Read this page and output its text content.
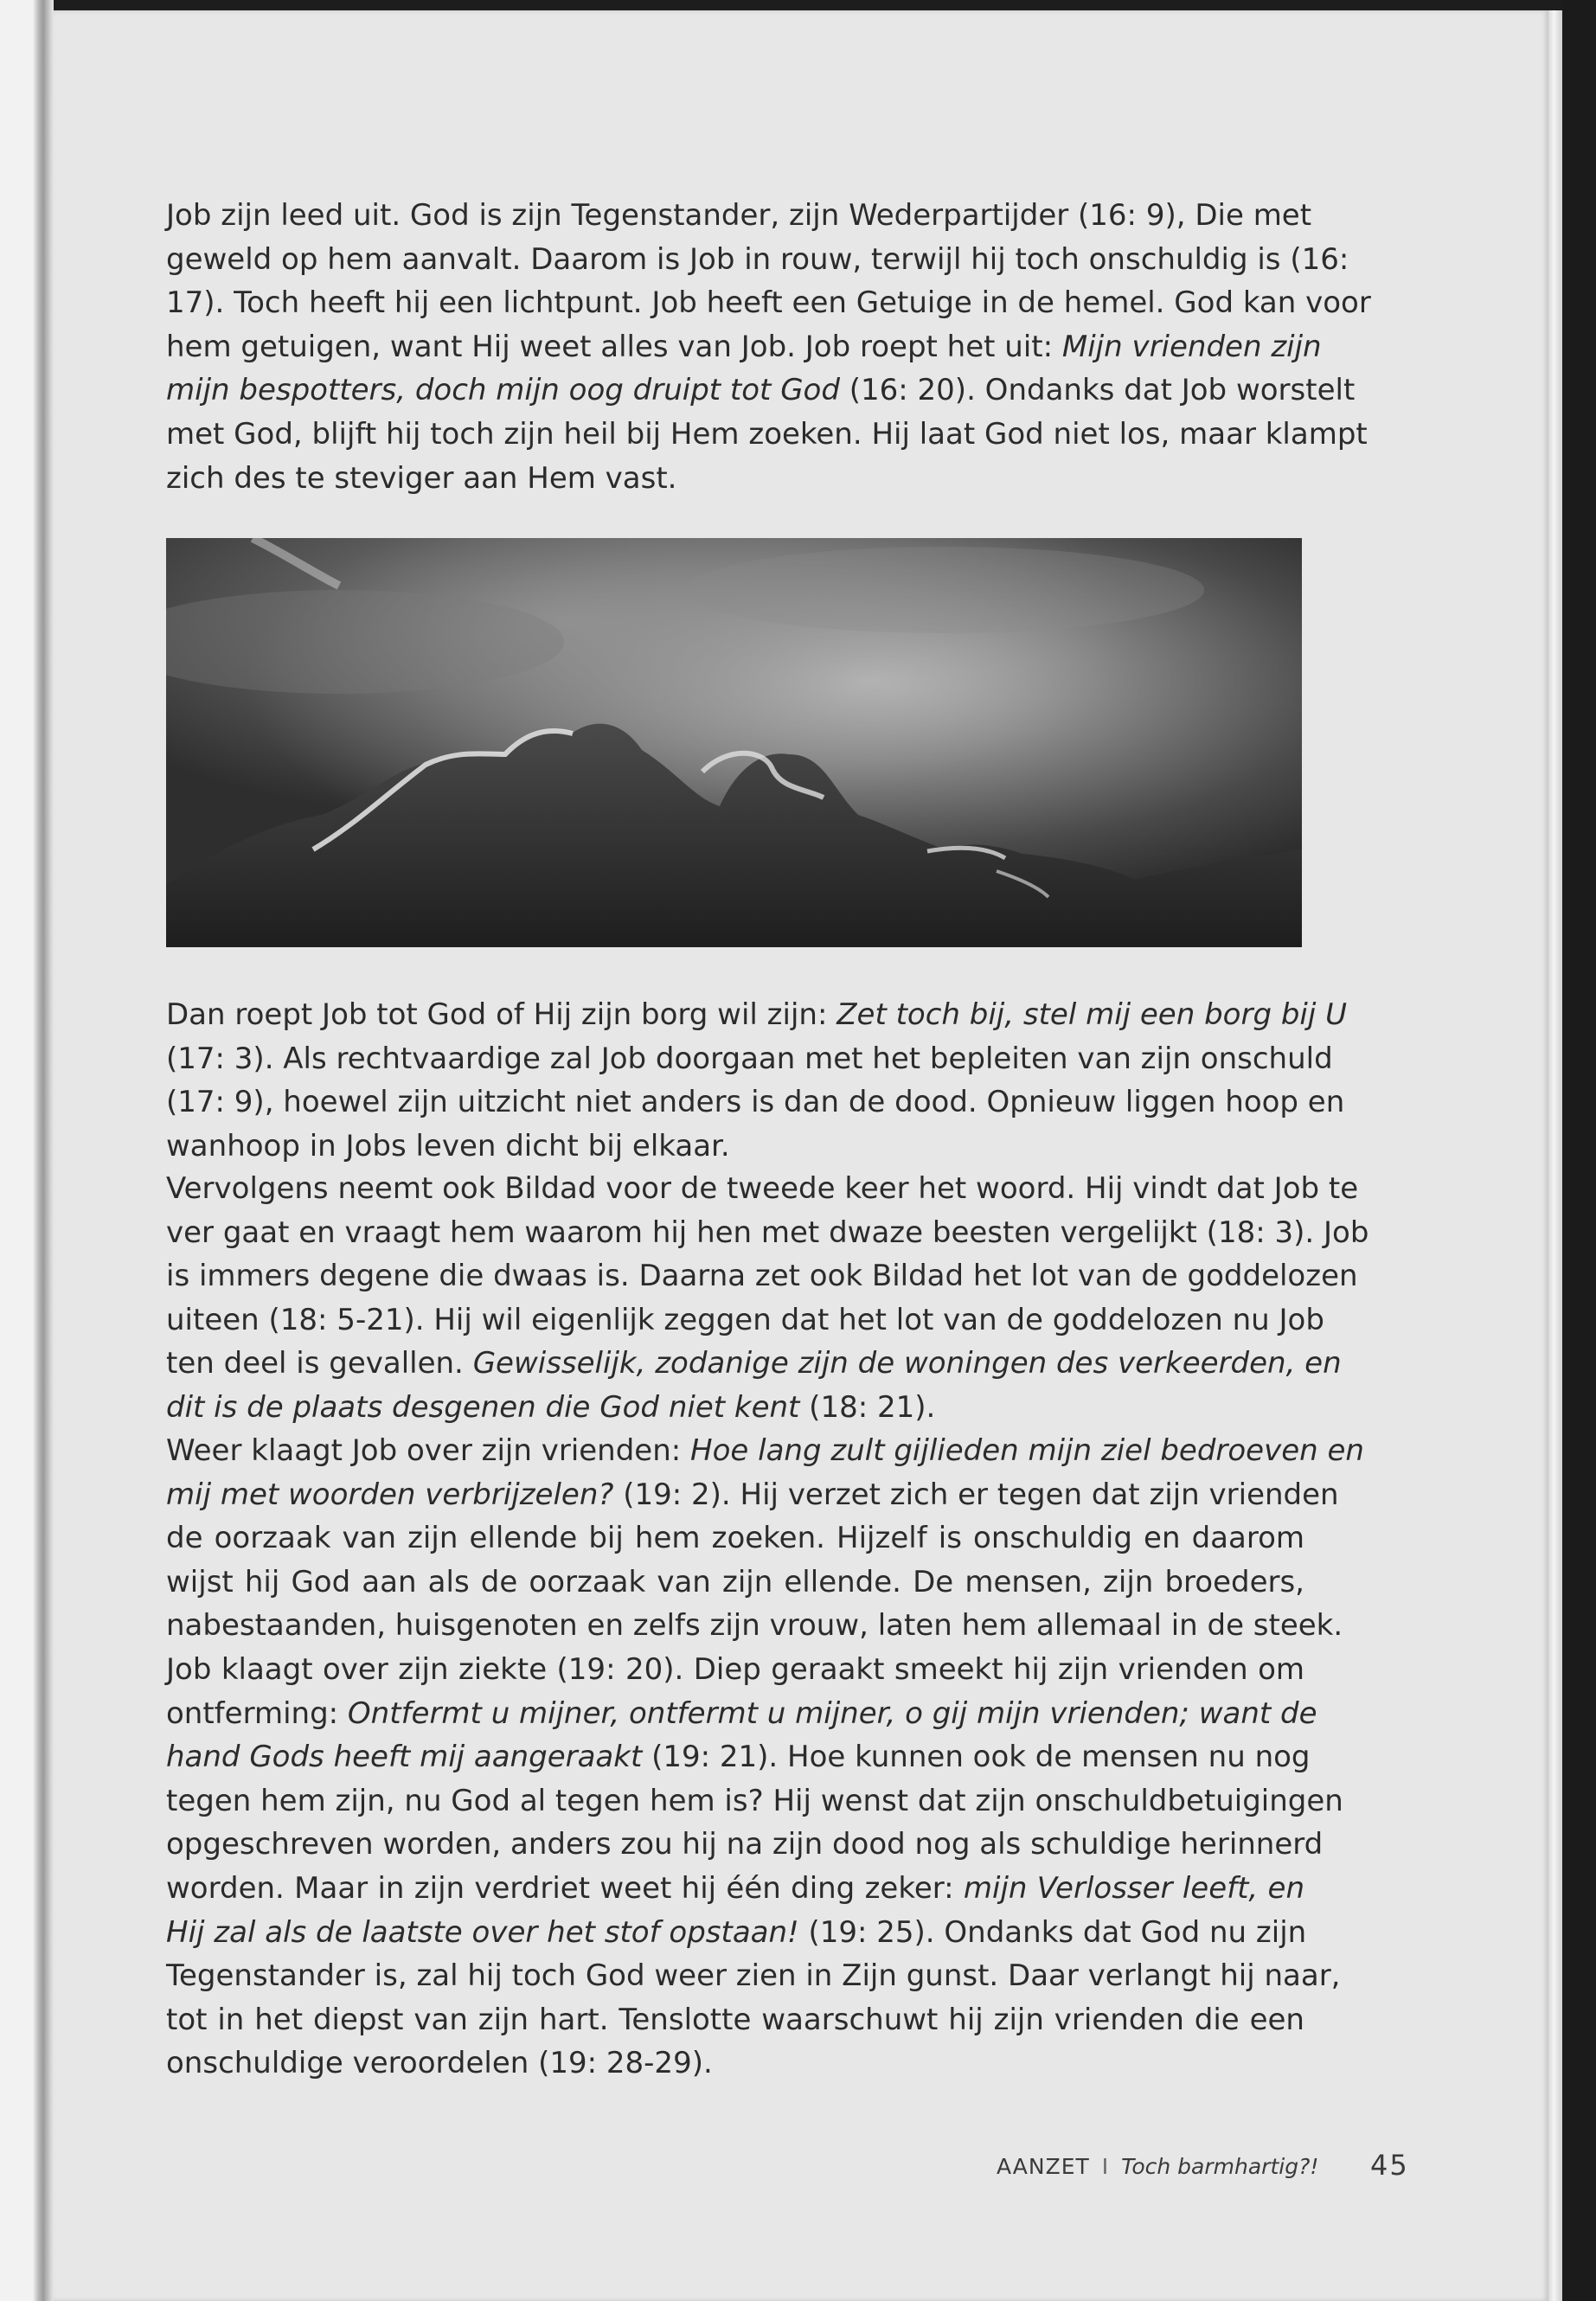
Job zijn leed uit. God is zijn Tegenstander, zijn Wederpartijder (16: 9), Die met
geweld op hem aanvalt. Daarom is Job in rouw, terwijl hij toch onschuldig is (16:
17). Toch heeft hij een lichtpunt. Job heeft een Getuige in de hemel. God kan voor
hem getuigen, want Hij weet alles van Job. Job roept het uit: Mijn vrienden zijn
mijn bespotters, doch mijn oog druipt tot God (16: 20). Ondanks dat Job worstelt
met God, blijft hij toch zijn heil bij Hem zoeken. Hij laat God niet los, maar klampt
zich des te steviger aan Hem vast.

Dan roept Job tot God of Hij zijn borg wil zijn: Zet toch bij, stel mij een borg bij U
(17: 3). Als rechtvaardige zal Job doorgaan met het bepleiten van zijn onschuld
(17: 9), hoewel zijn uitzicht niet anders is dan de dood. Opnieuw liggen hoop en
wanhoop in Jobs leven dicht bij elkaar.

Vervolgens neemt ook Bildad voor de tweede keer het woord. Hij vindt dat Job te
ver gaat en vraagt hem waarom hij hen met dwaze beesten vergelijkt (18: 3). Job
is immers degene die dwaas is. Daarna zet ook Bildad het lot van de goddelozen
uiteen (18: 5-21). Hij wil eigenlijk zeggen dat het lot van de goddelozen nu Job
ten deel is gevallen. Gewisselijk, zodanige zijn de woningen des verkeerden, en
dit is de plaats desgenen die God niet kent (18: 21).

Weer klaagt Job over zijn vrienden: Hoe lang zult gijlieden mijn ziel bedroeven en
mij met woorden verbrijzelen? (19: 2). Hij verzet zich er tegen dat zijn vrienden
de oorzaak van zijn ellende bij hem zoeken. Hijzelf is onschuldig en daarom
wijst hij God aan als de oorzaak van zijn ellende. De mensen, zijn broeders,
nabestaanden, huisgenoten en zelfs zijn vrouw, laten hem allemaal in de steek.
Job klaagt over zijn ziekte (19: 20). Diep geraakt smeekt hij zijn vrienden om
ontferming: Ontfermt u mijner, ontfermt u mijner, o gij mijn vrienden; want de
hand Gods heeft mij aangeraakt (19: 21). Hoe kunnen ook de mensen nu nog
tegen hem zijn, nu God al tegen hem is? Hij wenst dat zijn onschuldbetuigingen
opgeschreven worden, anders zou hij na zijn dood nog als schuldige herinnerd
worden. Maar in zijn verdriet weet hij één ding zeker: mijn Verlosser leeft, en
Hij zal als de laatste over het stof opstaan! (19: 25). Ondanks dat God nu zijn
Tegenstander is, zal hij toch God weer zien in Zijn gunst. Daar verlangt hij naar,
tot in het diepst van zijn hart. Tenslotte waarschuwt hij zijn vrienden die een
onschuldige veroordelen (19: 28-29).

AANZET I Toch barmhartig?! 45
